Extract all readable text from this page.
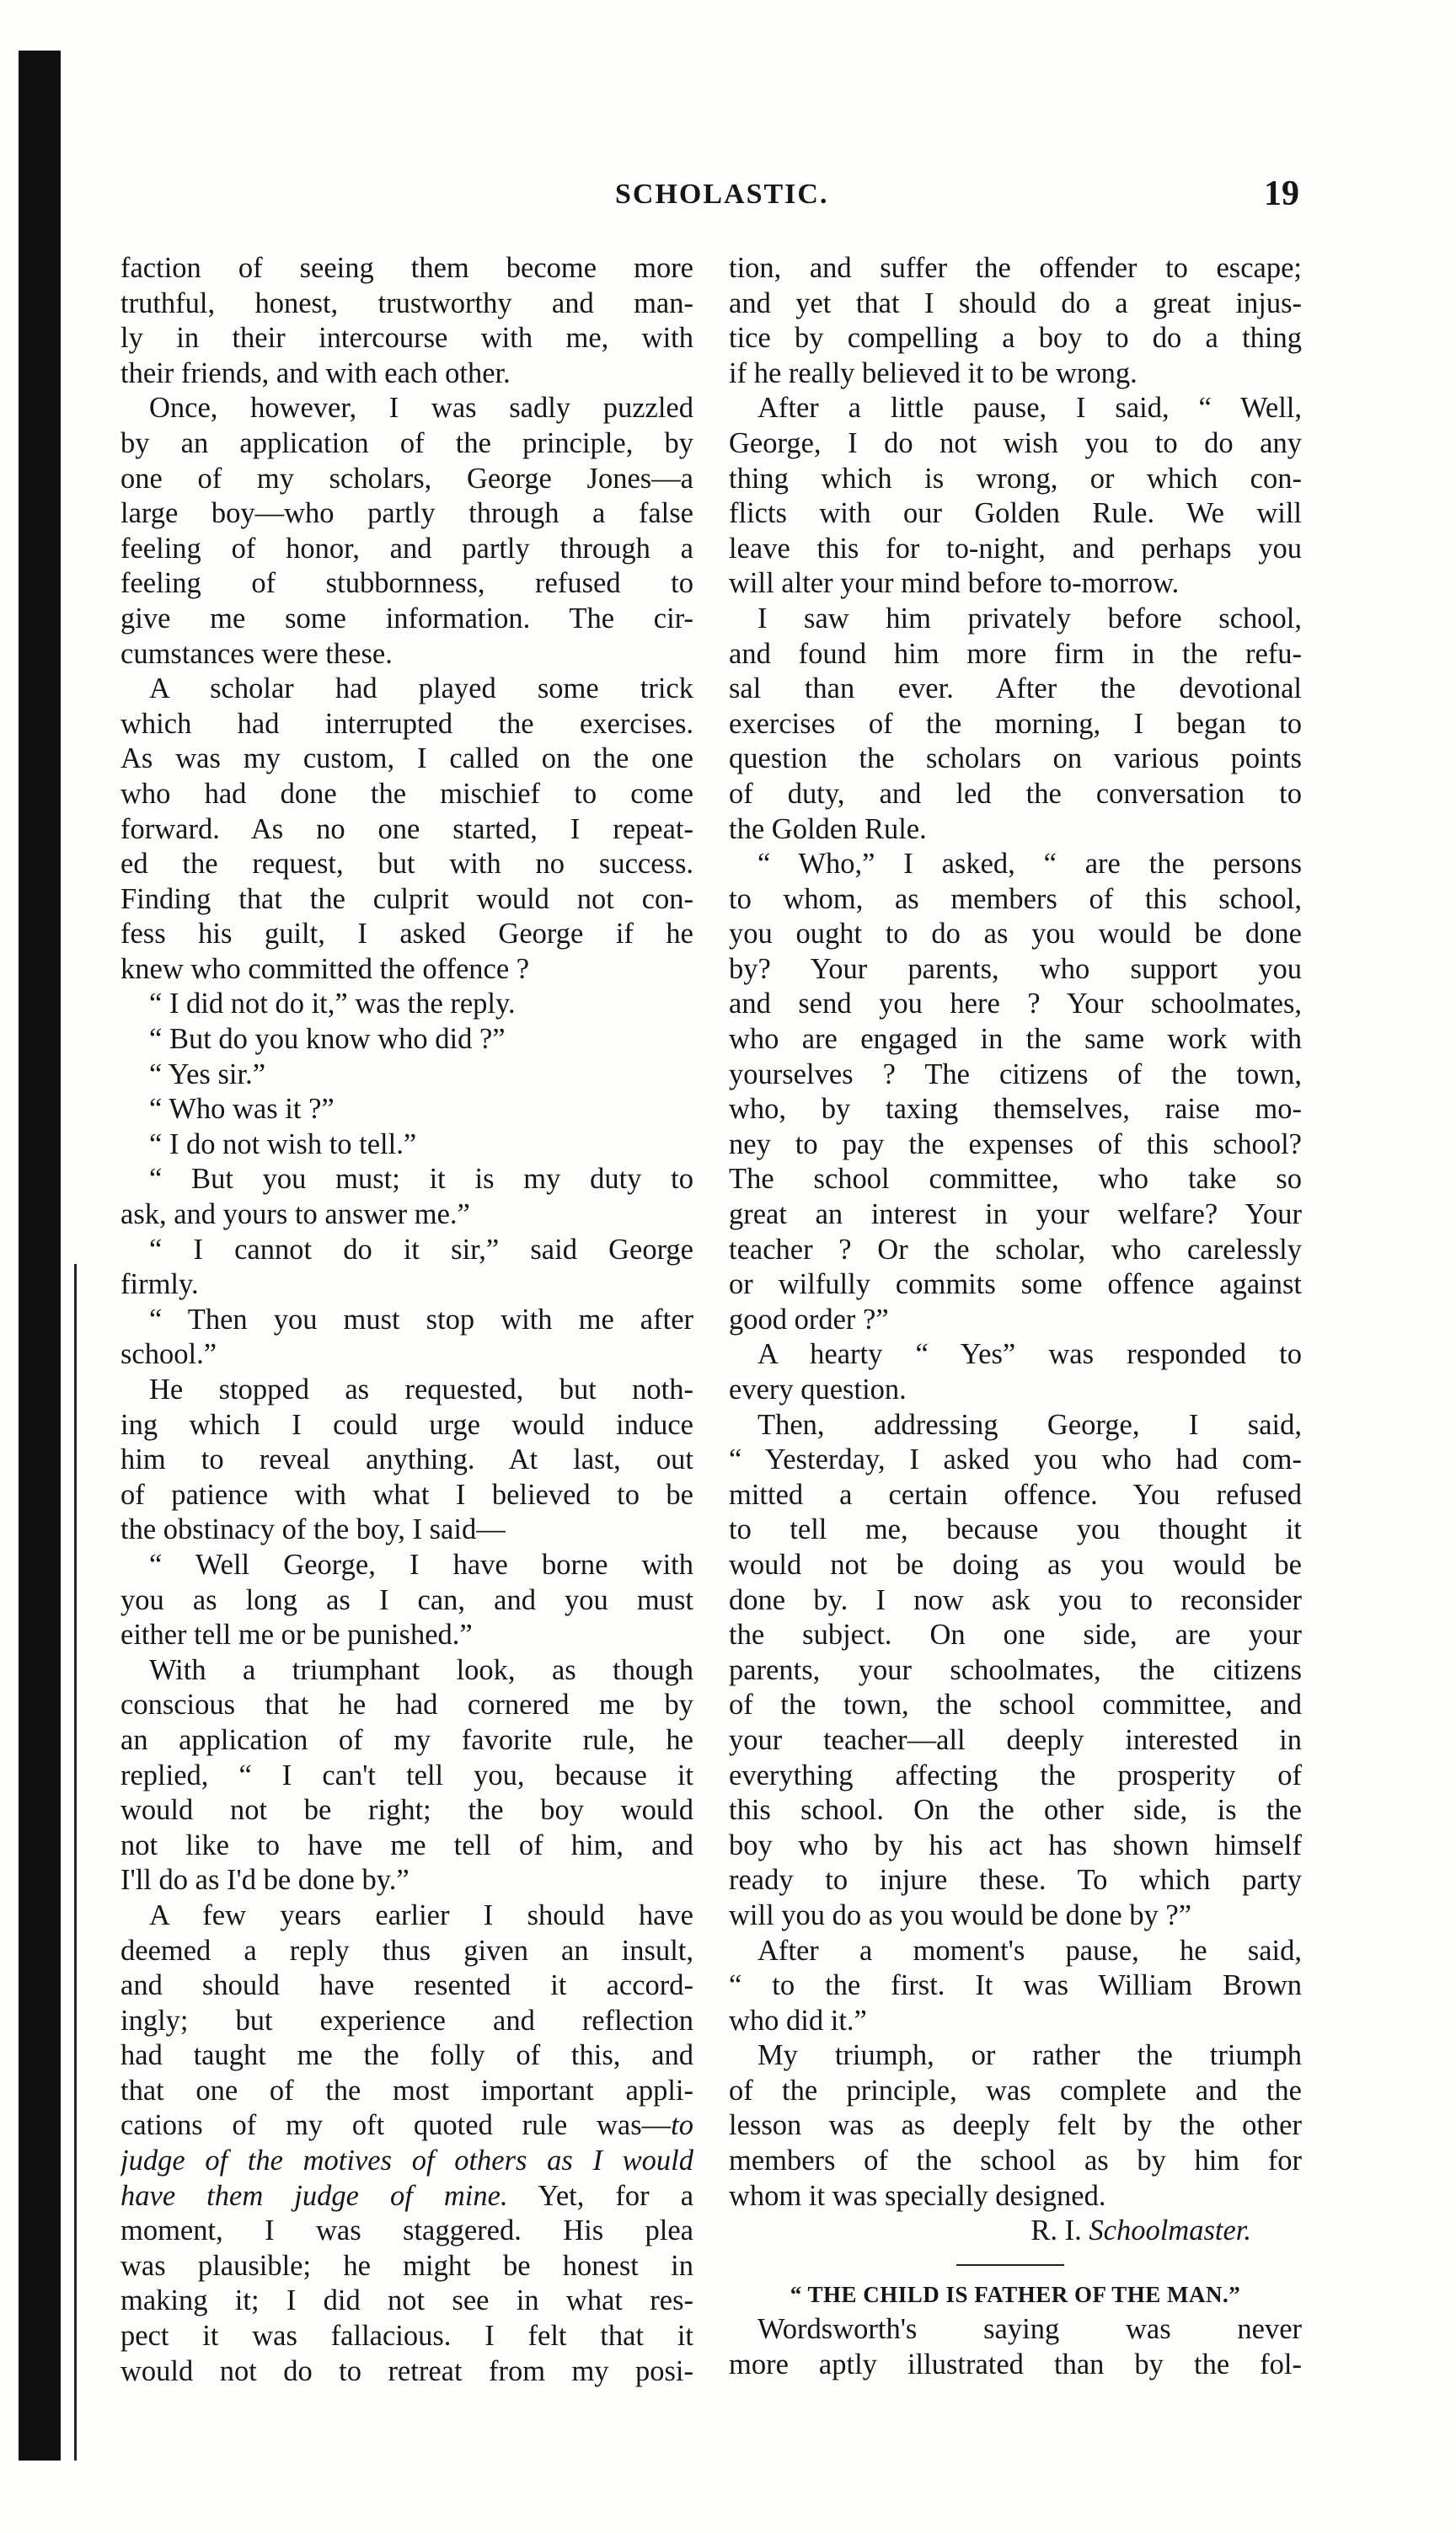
SCHOLASTIC.	19
faction of seeing them become more
truthful, honest, trustworthy and man-
ly in their intercourse with me, with
their friends, and with each other.
Once, however, I was sadly puzzled
by an application of the principle, by
one of my scholars, George Jones—a
large boy—who partly through a false
feeling of honor, and partly through a
feeling of stubbornness, refused to
give me some information. The cir-
cumstances were these.
A scholar had played some trick
which had interrupted the exercises.
As was my custom, I called on the one
who had done the mischief to come
forward. As no one started, I repeat-
ed the request, but with no success.
Finding that the culprit would not con-
fess his guilt, I asked George if he
knew who committed the offence ?
“ I did not do it,” was the reply.
“ But do you know who did ?”
“ Yes sir.”
“ Who was it ?”
“ I do not wish to tell.”
“ But you must; it is my duty to
ask, and yours to answer me.”
“ I cannot do it sir,” said George
firmly.
“ Then you must stop with me after
school.”
He stopped as requested, but noth-
ing which I could urge would induce
him to reveal anything. At last, out
of patience with what I believed to be
the obstinacy of the boy, I said—
“ Well George, I have borne with
you as long as I can, and you must
either tell me or be punished.”
With a triumphant look, as though
conscious that he had cornered me by
an application of my favorite rule, he
replied, “ I can't tell you, because it
would not be right; the boy would
not like to have me tell of him, and
I'll do as I'd be done by.”
A few years earlier I should have
deemed a reply thus given an insult,
and should have resented it accord-
ingly; but experience and reflection
had taught me the folly of this, and
that one of the most important appli-
cations of my oft quoted rule was—to
judge of the motives of others as I would
have them judge of mine. Yet, for a
moment, I was staggered. His plea
was plausible; he might be honest in
making it; I did not see in what res-
pect it was fallacious. I felt that it
would not do to retreat from my posi-
tion, and suffer the offender to escape;
and yet that I should do a great injus-
tice by compelling a boy to do a thing
if he really believed it to be wrong.
After a little pause, I said, “ Well,
George, I do not wish you to do any
thing which is wrong, or which con-
flicts with our Golden Rule. We will
leave this for to-night, and perhaps you
will alter your mind before to-morrow.
I saw him privately before school,
and found him more firm in the refu-
sal than ever. After the devotional
exercises of the morning, I began to
question the scholars on various points
of duty, and led the conversation to
the Golden Rule.
“ Who,” I asked, “ are the persons
to whom, as members of this school,
you ought to do as you would be done
by? Your parents, who support you
and send you here ? Your schoolmates,
who are engaged in the same work with
yourselves ? The citizens of the town,
who, by taxing themselves, raise mo-
ney to pay the expenses of this school?
The school committee, who take so
great an interest in your welfare? Your
teacher ? Or the scholar, who carelessly
or wilfully commits some offence against
good order ?”
A hearty “ Yes” was responded to
every question.
Then, addressing George, I said,
“ Yesterday, I asked you who had com-
mitted a certain offence. You refused
to tell me, because you thought it
would not be doing as you would be
done by. I now ask you to reconsider
the subject. On one side, are your
parents, your schoolmates, the citizens
of the town, the school committee, and
your teacher—all deeply interested in
everything affecting the prosperity of
this school. On the other side, is the
boy who by his act has shown himself
ready to injure these. To which party
will you do as you would be done by ?”
After a moment's pause, he said,
“ to the first. It was William Brown
who did it.”
My triumph, or rather the triumph
of the principle, was complete and the
lesson was as deeply felt by the other
members of the school as by him for
whom it was specially designed.
R. I. Schoolmaster.
“ THE CHILD IS FATHER OF THE MAN.”
Wordsworth's saying was never
more aptly illustrated than by the fol-
